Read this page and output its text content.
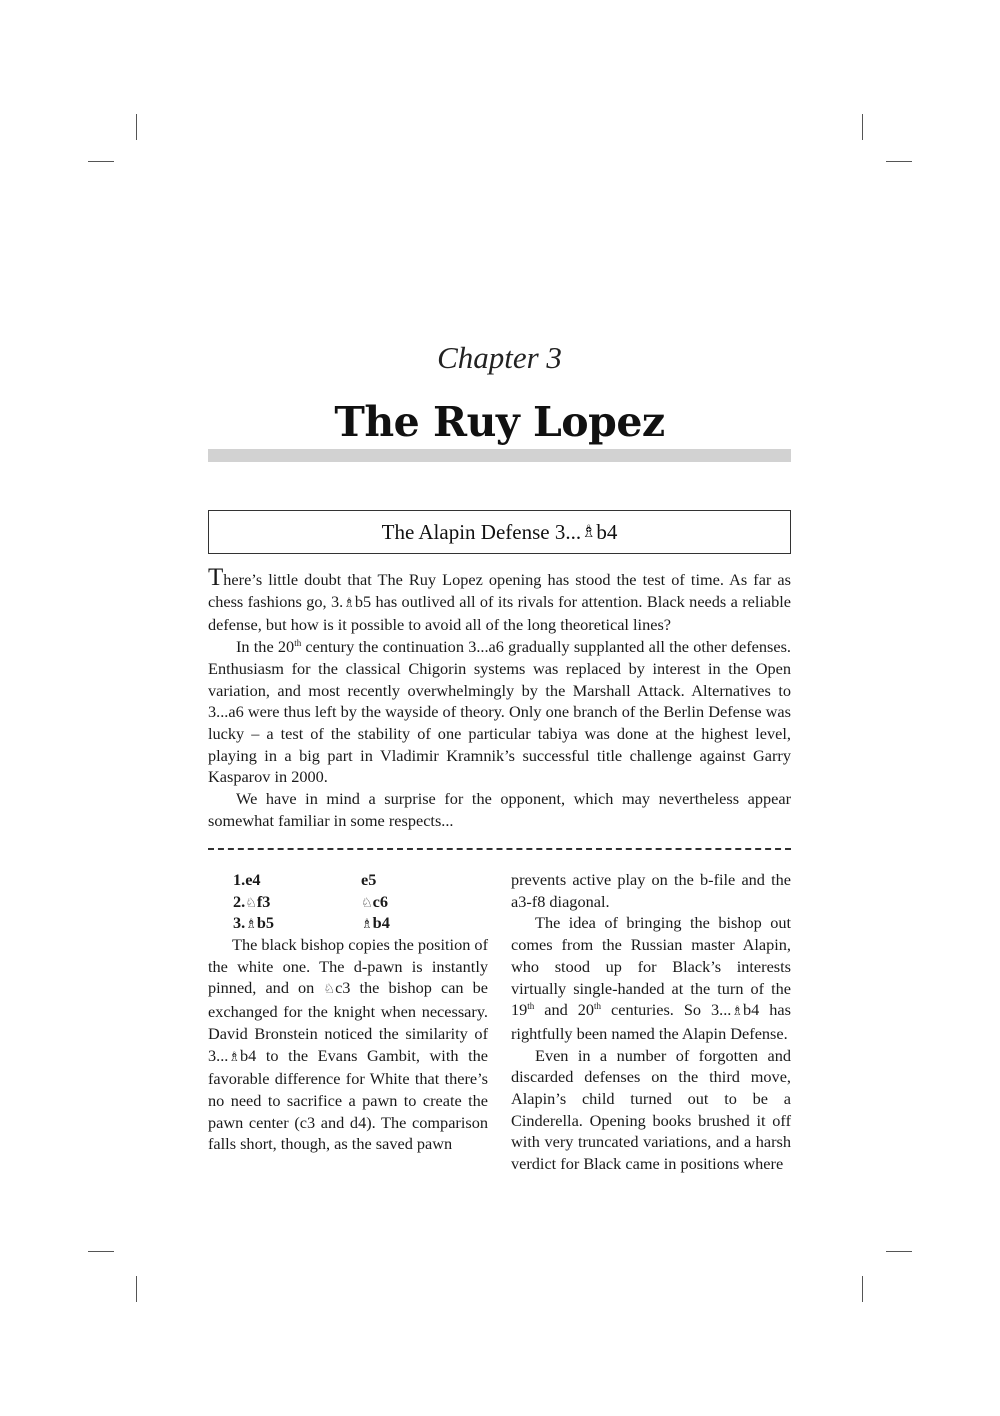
Chapter 3
The Ruy Lopez
The Alapin Defense 3... ♗ b4

There’s little doubt that The Ruy Lopez opening has stood the test of time. As far as chess fashions go, 3.♗b5 has outlived all of its rivals for attention. Black needs a reliable defense, but how is it possible to avoid all of the long theoretical lines?

In the 20th century the continuation 3...a6 gradually supplanted all the other defenses. Enthusiasm for the classical Chigorin systems was replaced by interest in the Open variation, and most recently overwhelmingly by the Marshall Attack. Alternatives to 3...a6 were thus left by the wayside of theory. Only one branch of the Berlin Defense was lucky – a test of the stability of one particular tabiya was done at the highest level, playing in a big part in Vladimir Kramnik’s successful title challenge against Garry Kasparov in 2000.

We have in mind a surprise for the opponent, which may nevertheless appear somewhat familiar in some respects...

1.e4	e5
2.♘f3	♘c6
3.♗b5	♗b4

The black bishop copies the position of the white one. The d-pawn is instantly pinned, and on ♘c3 the bishop can be exchanged for the knight when necessary. David Bronstein noticed the similarity of 3...♗b4 to the Evans Gambit, with the favorable difference for White that there’s no need to sacrifice a pawn to create the pawn center (c3 and d4). The comparison falls short, though, as the saved pawn

prevents active play on the b-file and the a3-f8 diagonal.

The idea of bringing the bishop out comes from the Russian master Alapin, who stood up for Black’s interests virtually single-handed at the turn of the 19th and 20th centuries. So 3...♗b4 has rightfully been named the Alapin Defense.

Even in a number of forgotten and discarded defenses on the third move, Alapin’s child turned out to be a Cinderella. Opening books brushed it off with very truncated variations, and a harsh verdict for Black came in positions where
